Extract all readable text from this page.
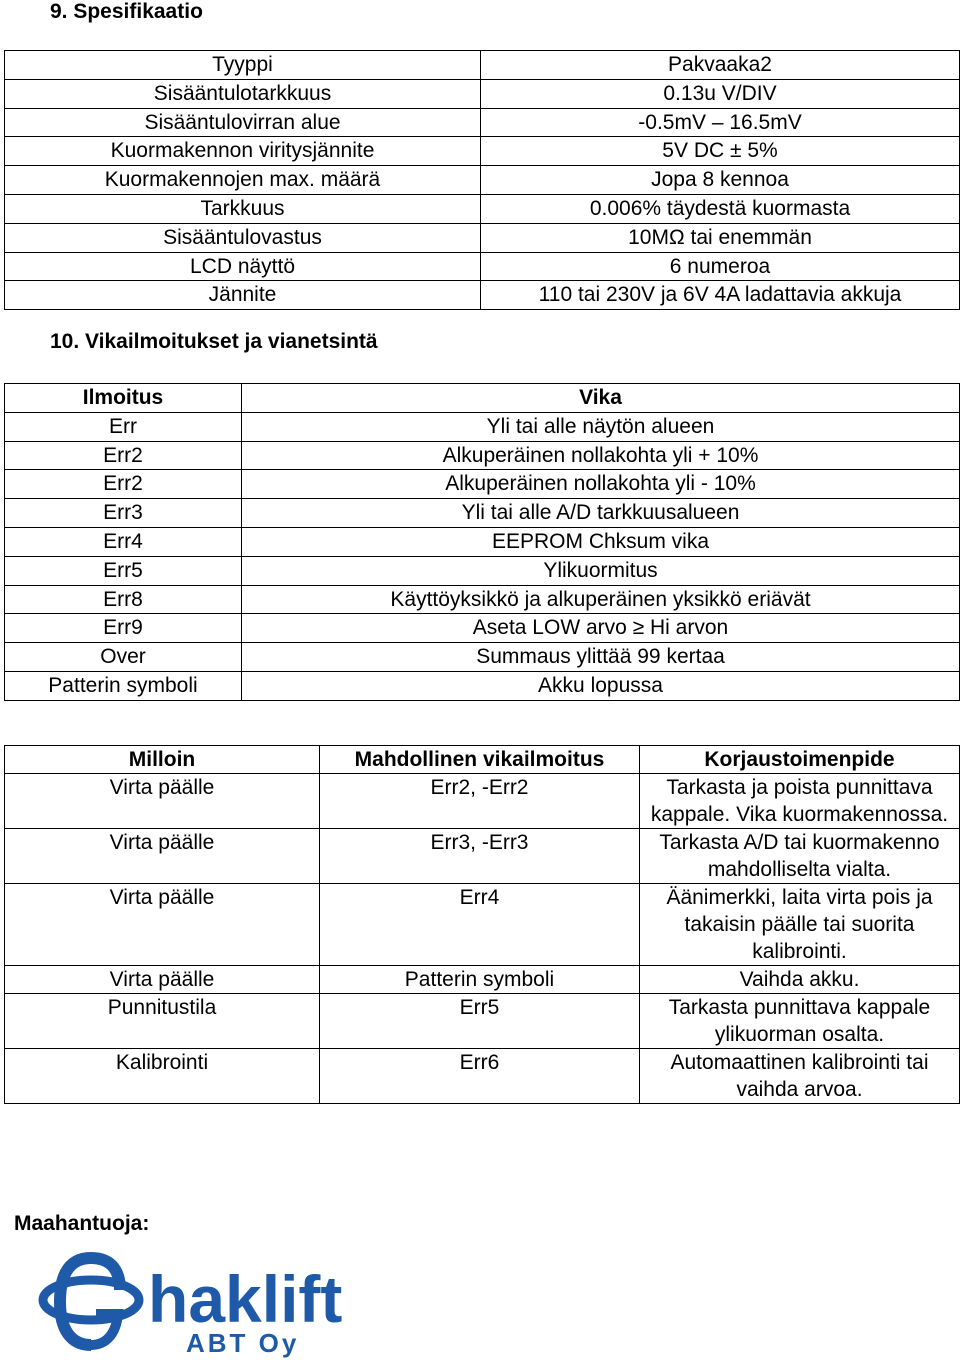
9. Spesifikaatio
Tyyppi	Pakvaaka2
Sisääntulotarkkuus	0.13u V/DIV
Sisääntulovirran alue	-0.5mV – 16.5mV
Kuormakennon viritysjännite	5V DC ± 5%
Kuormakennojen max. määrä	Jopa 8 kennoa
Tarkkuus	0.006% täydestä kuormasta
Sisääntulovastus	10MΩ tai enemmän
LCD näyttö	6 numeroa
Jännite	110 tai 230V ja 6V 4A ladattavia akkuja
10. Vikailmoitukset ja vianetsintä
Ilmoitus	Vika
Err	Yli tai alle näytön alueen
Err2	Alkuperäinen nollakohta yli + 10%
Err2	Alkuperäinen nollakohta yli - 10%
Err3	Yli tai alle A/D tarkkuusalueen
Err4	EEPROM Chksum vika
Err5	Ylikuormitus
Err8	Käyttöyksikkö ja alkuperäinen yksikkö eriävät
Err9	Aseta LOW arvo ≥ Hi arvon
Over	Summaus ylittää 99 kertaa
Patterin symboli	Akku lopussa
Milloin	Mahdollinen vikailmoitus	Korjaustoimenpide
Virta päälle	Err2, -Err2	Tarkasta ja poista punnittava kappale. Vika kuormakennossa.
Virta päälle	Err3, -Err3	Tarkasta A/D tai kuormakenno mahdolliselta vialta.
Virta päälle	Err4	Äänimerkki, laita virta pois ja takaisin päälle tai suorita kalibrointi.
Virta päälle	Patterin symboli	Vaihda akku.
Punnitustila	Err5	Tarkasta punnittava kappale ylikuorman osalta.
Kalibrointi	Err6	Automaattinen kalibrointi tai vaihda arvoa.
Maahantuoja:
haklift
ABT Oy
